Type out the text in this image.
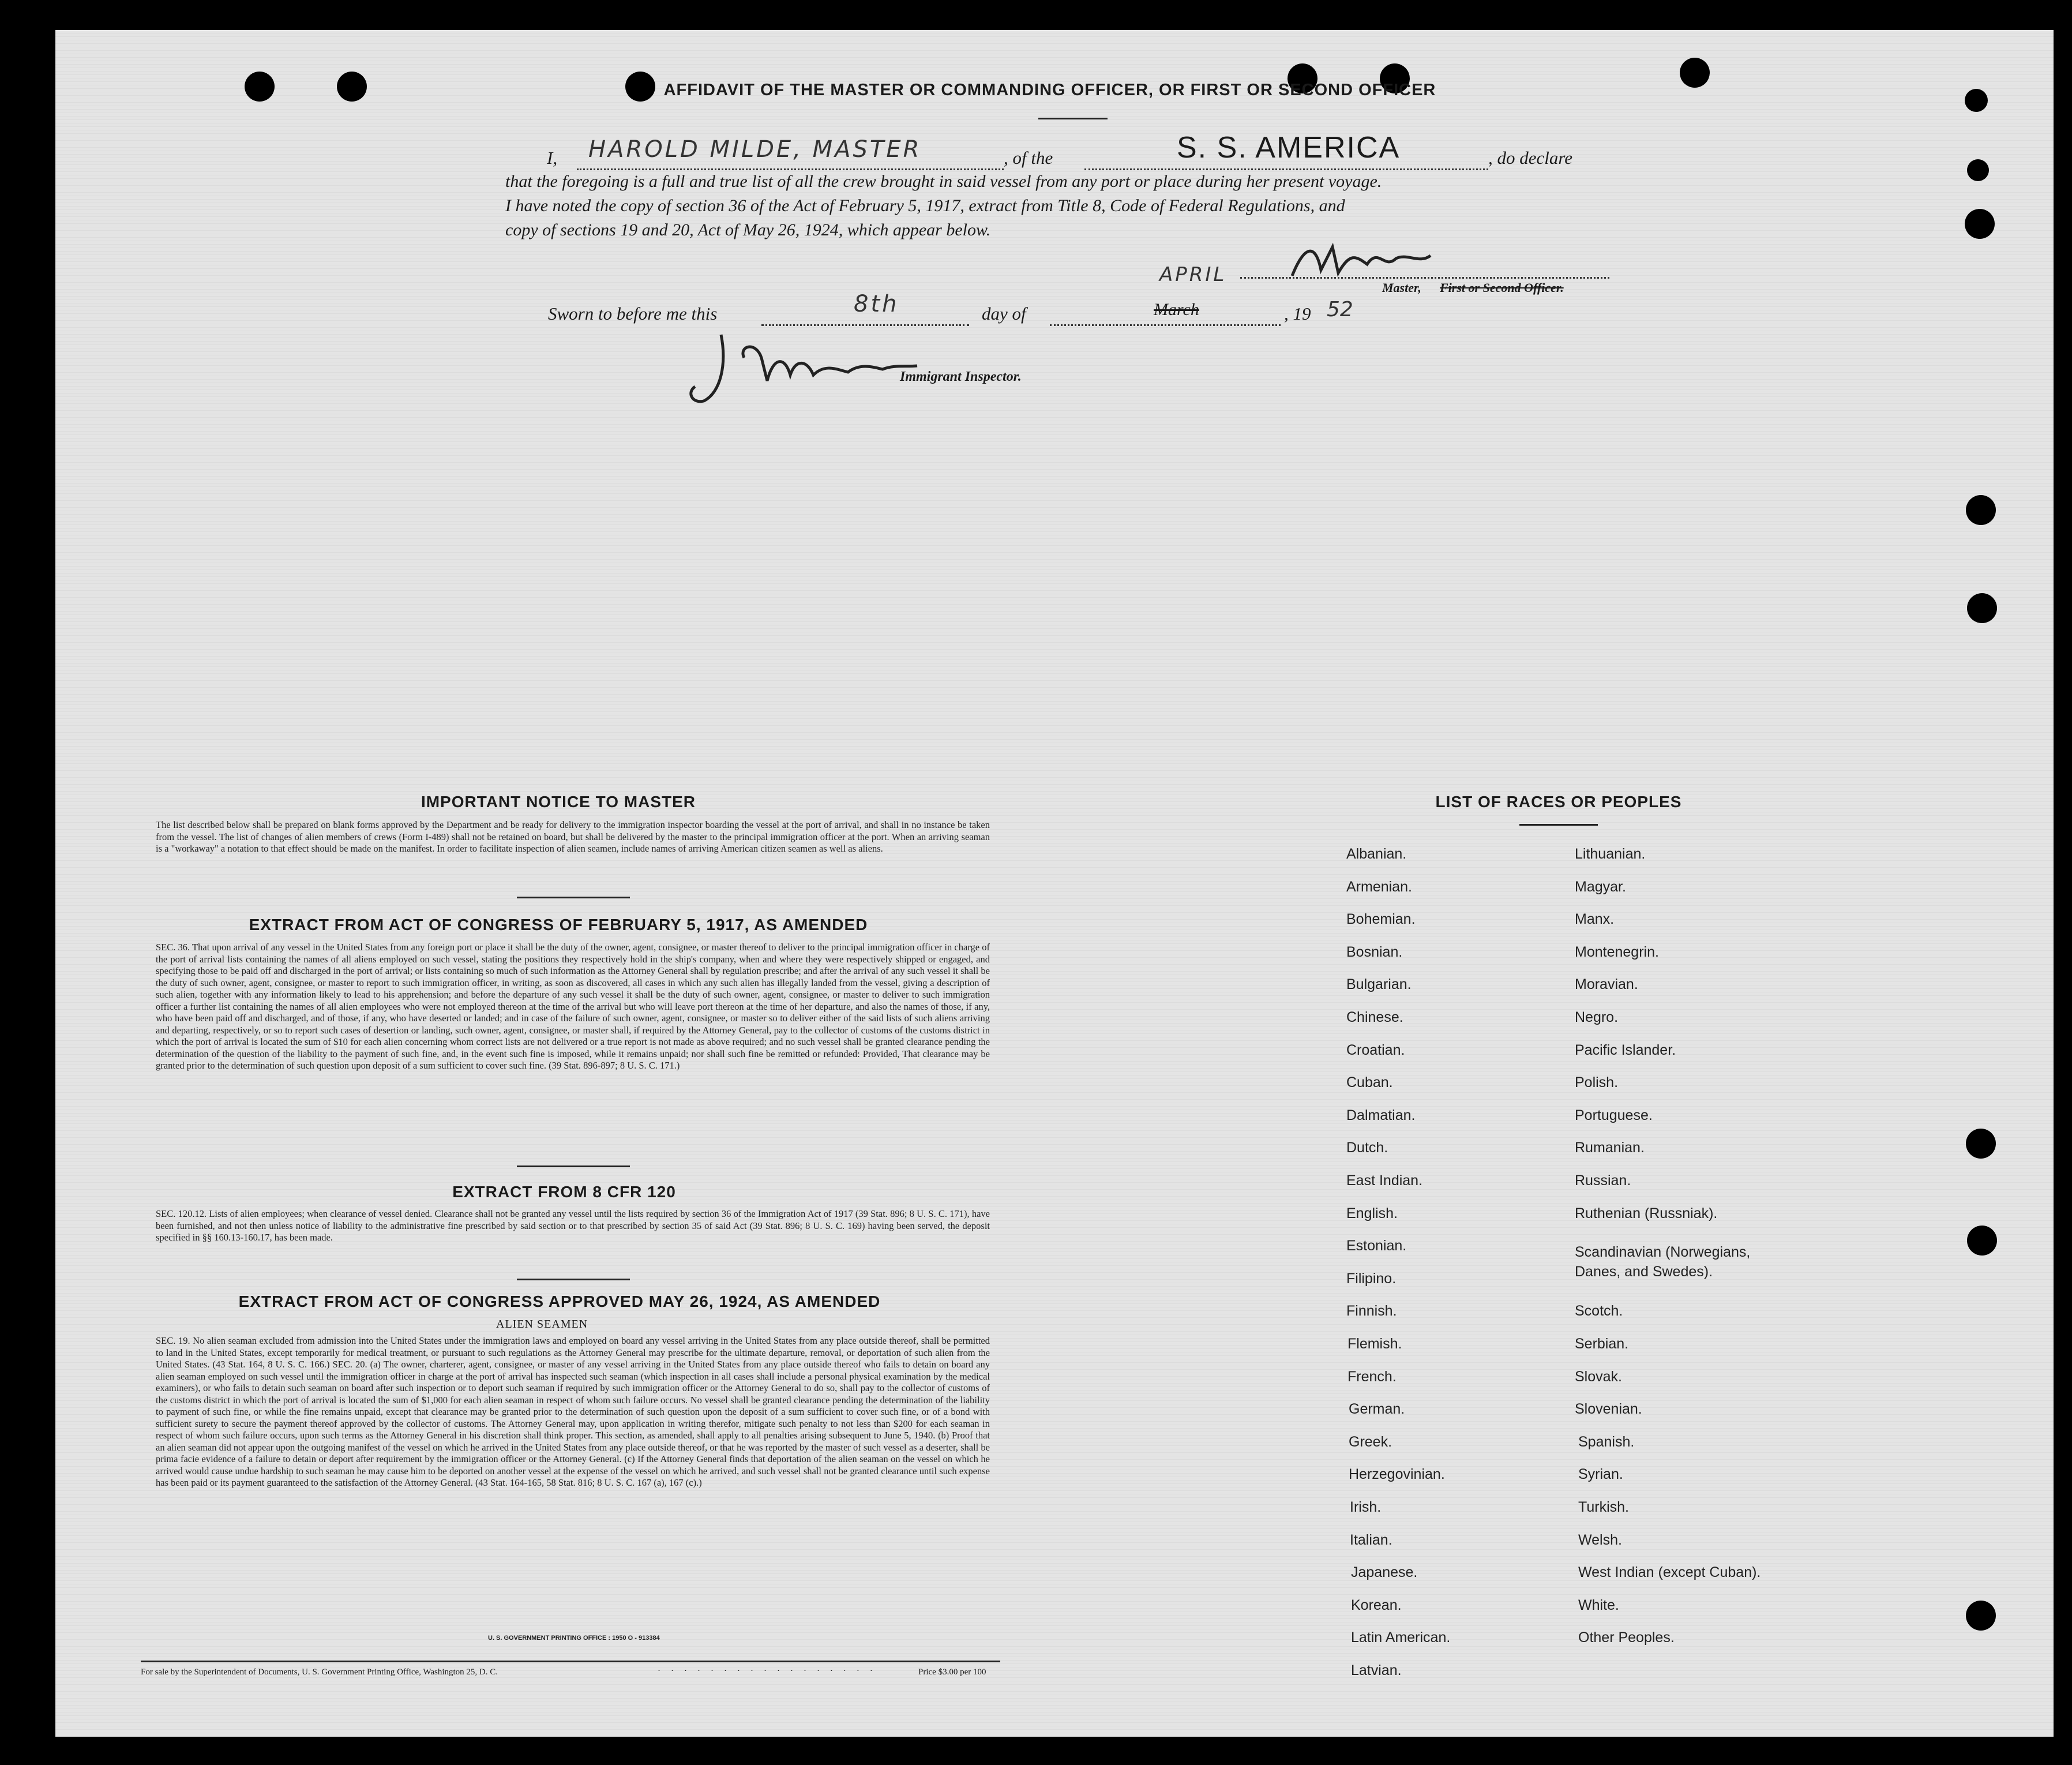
AFFIDAVIT OF THE MASTER OR COMMANDING OFFICER, OR FIRST OR SECOND OFFICER
I, HAROLD MILDE, MASTER	, of the	S. S. AMERICA	, do declare
that the foregoing is a full and true list of all the crew brought in said vessel from any port or place during her present voyage.
I have noted the copy of section 36 of the Act of February 5, 1917, extract from Title 8, Code of Federal Regulations, and
copy of sections 19 and 20, Act of May 26, 1924, which appear below.
Master, First or Second Officer.
Sworn to before me this	8th	day of
APRIL
March	, 19 52
Immigrant Inspector.
IMPORTANT NOTICE TO MASTER
The list described below shall be prepared on blank forms approved by the Department and be ready for delivery to the immigration inspector boarding the vessel at the port of arrival, and shall in no instance be taken from the vessel. The list of changes of alien members of crews (Form I-489) shall not be retained on board, but shall be delivered by the master to the principal immigration officer at the port. When an arriving seaman is a "workaway" a notation to that effect should be made on the manifest. In order to facilitate inspection of alien seamen, include names of arriving American citizen seamen as well as aliens.
EXTRACT FROM ACT OF CONGRESS OF FEBRUARY 5, 1917, AS AMENDED
SEC. 36. That upon arrival of any vessel in the United States from any foreign port or place it shall be the duty of the owner, agent, consignee, or master thereof to deliver to the principal immigration officer in charge of the port of arrival lists containing the names of all aliens employed on such vessel, stating the positions they respectively hold in the ship's company, when and where they were respectively shipped or engaged, and specifying those to be paid off and discharged in the port of arrival; or lists containing so much of such information as the Attorney General shall by regulation prescribe; and after the arrival of any such vessel it shall be the duty of such owner, agent, consignee, or master to report to such immigration officer, in writing, as soon as discovered, all cases in which any such alien has illegally landed from the vessel, giving a description of such alien, together with any information likely to lead to his apprehension; and before the departure of any such vessel it shall be the duty of such owner, agent, consignee, or master to deliver to such immigration officer a further list containing the names of all alien employees who were not employed thereon at the time of the arrival but who will leave port thereon at the time of her departure, and also the names of those, if any, who have been paid off and discharged, and of those, if any, who have deserted or landed; and in case of the failure of such owner, agent, consignee, or master so to deliver either of the said lists of such aliens arriving and departing, respectively, or so to report such cases of desertion or landing, such owner, agent, consignee, or master shall, if required by the Attorney General, pay to the collector of customs of the customs district in which the port of arrival is located the sum of $10 for each alien concerning whom correct lists are not delivered or a true report is not made as above required; and no such vessel shall be granted clearance pending the determination of the question of the liability to the payment of such fine, and, in the event such fine is imposed, while it remains unpaid; nor shall such fine be remitted or refunded: Provided, That clearance may be granted prior to the determination of such question upon deposit of a sum sufficient to cover such fine. (39 Stat. 896-897; 8 U. S. C. 171.)
EXTRACT FROM 8 CFR 120
SEC. 120.12. Lists of alien employees; when clearance of vessel denied. Clearance shall not be granted any vessel until the lists required by section 36 of the Immigration Act of 1917 (39 Stat. 896; 8 U. S. C. 171), have been furnished, and not then unless notice of liability to the administrative fine prescribed by said section or to that prescribed by section 35 of said Act (39 Stat. 896; 8 U. S. C. 169) having been served, the deposit specified in §§ 160.13-160.17, has been made.
EXTRACT FROM ACT OF CONGRESS APPROVED MAY 26, 1924, AS AMENDED
ALIEN SEAMEN
SEC. 19. No alien seaman excluded from admission into the United States under the immigration laws and employed on board any vessel arriving in the United States from any place outside thereof, shall be permitted to land in the United States, except temporarily for medical treatment, or pursuant to such regulations as the Attorney General may prescribe for the ultimate departure, removal, or deportation of such alien from the United States. (43 Stat. 164, 8 U. S. C. 166.) SEC. 20. (a) The owner, charterer, agent, consignee, or master of any vessel arriving in the United States from any place outside thereof who fails to detain on board any alien seaman employed on such vessel until the immigration officer in charge at the port of arrival has inspected such seaman (which inspection in all cases shall include a personal physical examination by the medical examiners), or who fails to detain such seaman on board after such inspection or to deport such seaman if required by such immigration officer or the Attorney General to do so, shall pay to the collector of customs of the customs district in which the port of arrival is located the sum of $1,000 for each alien seaman in respect of whom such failure occurs. No vessel shall be granted clearance pending the determination of the liability to payment of such fine, or while the fine remains unpaid, except that clearance may be granted prior to the determination of such question upon the deposit of a sum sufficient to cover such fine, or of a bond with sufficient surety to secure the payment thereof approved by the collector of customs. The Attorney General may, upon application in writing therefor, mitigate such penalty to not less than $200 for each seaman in respect of whom such failure occurs, upon such terms as the Attorney General in his discretion shall think proper. This section, as amended, shall apply to all penalties arising subsequent to June 5, 1940. (b) Proof that an alien seaman did not appear upon the outgoing manifest of the vessel on which he arrived in the United States from any place outside thereof, or that he was reported by the master of such vessel as a deserter, shall be prima facie evidence of a failure to detain or deport after requirement by the immigration officer or the Attorney General. (c) If the Attorney General finds that deportation of the alien seaman on the vessel on which he arrived would cause undue hardship to such seaman he may cause him to be deported on another vessel at the expense of the vessel on which he arrived, and such vessel shall not be granted clearance until such expense has been paid or its payment guaranteed to the satisfaction of the Attorney General. (43 Stat. 164-165, 58 Stat. 816; 8 U. S. C. 167 (a), 167 (c).)
U. S. GOVERNMENT PRINTING OFFICE : 1950 O - 913384
For sale by the Superintendent of Documents, U. S. Government Printing Office, Washington 25, D. C.	·················	Price $3.00 per 100
LIST OF RACES OR PEOPLES
Albanian.
Armenian.
Bohemian.
Bosnian.
Bulgarian.
Chinese.
Croatian.
Cuban.
Dalmatian.
Dutch.
East Indian.
English.
Estonian.
Filipino.
Finnish.
Flemish.
French.
German.
Greek.
Herzegovinian.
Irish.
Italian.
Japanese.
Korean.
Latin American.
Latvian.
Lithuanian.
Magyar.
Manx.
Montenegrin.
Moravian.
Negro.
Pacific Islander.
Polish.
Portuguese.
Rumanian.
Russian.
Ruthenian (Russniak).
Scandinavian (Norwegians, Danes, and Swedes).
Scotch.
Serbian.
Slovak.
Slovenian.
Spanish.
Syrian.
Turkish.
Welsh.
West Indian (except Cuban).
White.
Other Peoples.
